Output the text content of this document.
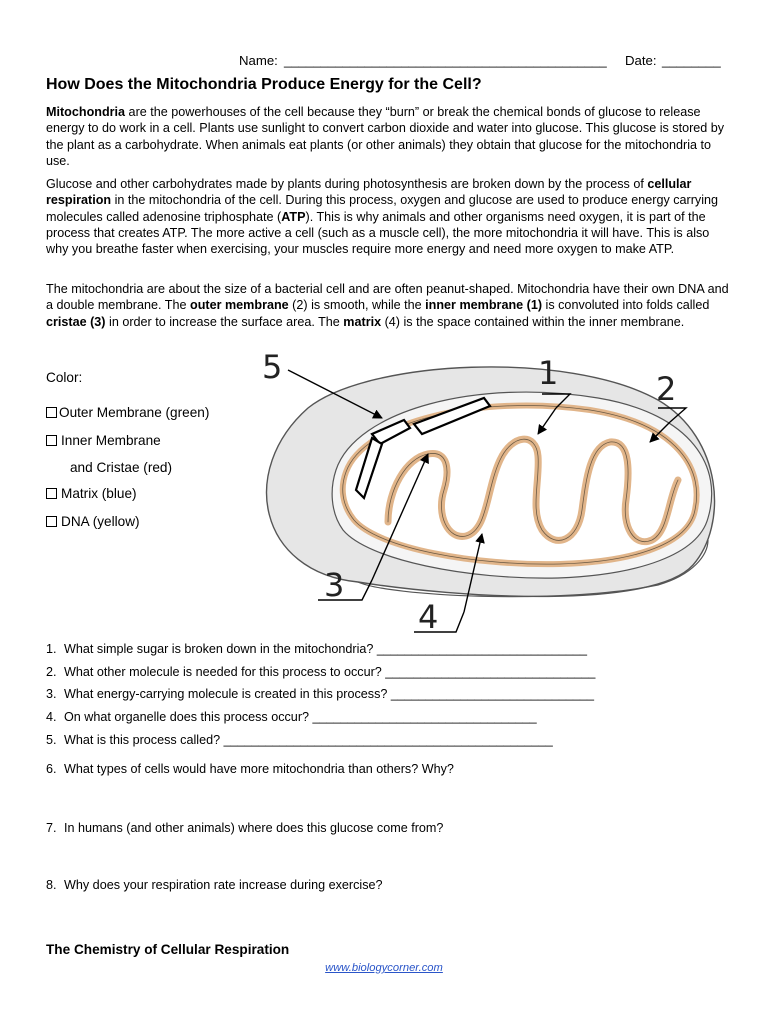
Name: ____________________________________________ Date: ________
How Does the Mitochondria Produce Energy for the Cell?
Mitochondria are the powerhouses of the cell because they “burn” or break the chemical bonds of glucose to release energy to do work in a cell. Plants use sunlight to convert carbon dioxide and water into glucose. This glucose is stored by the plant as a carbohydrate. When animals eat plants (or other animals) they obtain that glucose for the mitochondria to use.
Glucose and other carbohydrates made by plants during photosynthesis are broken down by the process of cellular respiration in the mitochondria of the cell. During this process, oxygen and glucose are used to produce energy carrying molecules called adenosine triphosphate (ATP). This is why animals and other organisms need oxygen, it is part of the process that creates ATP. The more active a cell (such as a muscle cell), the more mitochondria it will have. This is also why you breathe faster when exercising, your muscles require more energy and need more oxygen to make ATP.
The mitochondria are about the size of a bacterial cell and are often peanut-shaped. Mitochondria have their own DNA and a double membrane. The outer membrane (2) is smooth, while the inner membrane (1) is convoluted into folds called cristae (3) in order to increase the surface area. The matrix (4) is the space contained within the inner membrane.
Color:
Outer Membrane (green)
Inner Membrane
and Cristae (red)
Matrix (blue)
DNA (yellow)
5	1	2
3
4
1. What simple sugar is broken down in the mitochondria? ______________________________
2. What other molecule is needed for this process to occur? ______________________________
3. What energy-carrying molecule is created in this process? _____________________________
4. On what organelle does this process occur? ________________________________
5. What is this process called? _______________________________________________
6. What types of cells would have more mitochondria than others? Why?
7. In humans (and other animals) where does this glucose come from?
8. Why does your respiration rate increase during exercise?
The Chemistry of Cellular Respiration
www.biologycorner.com
